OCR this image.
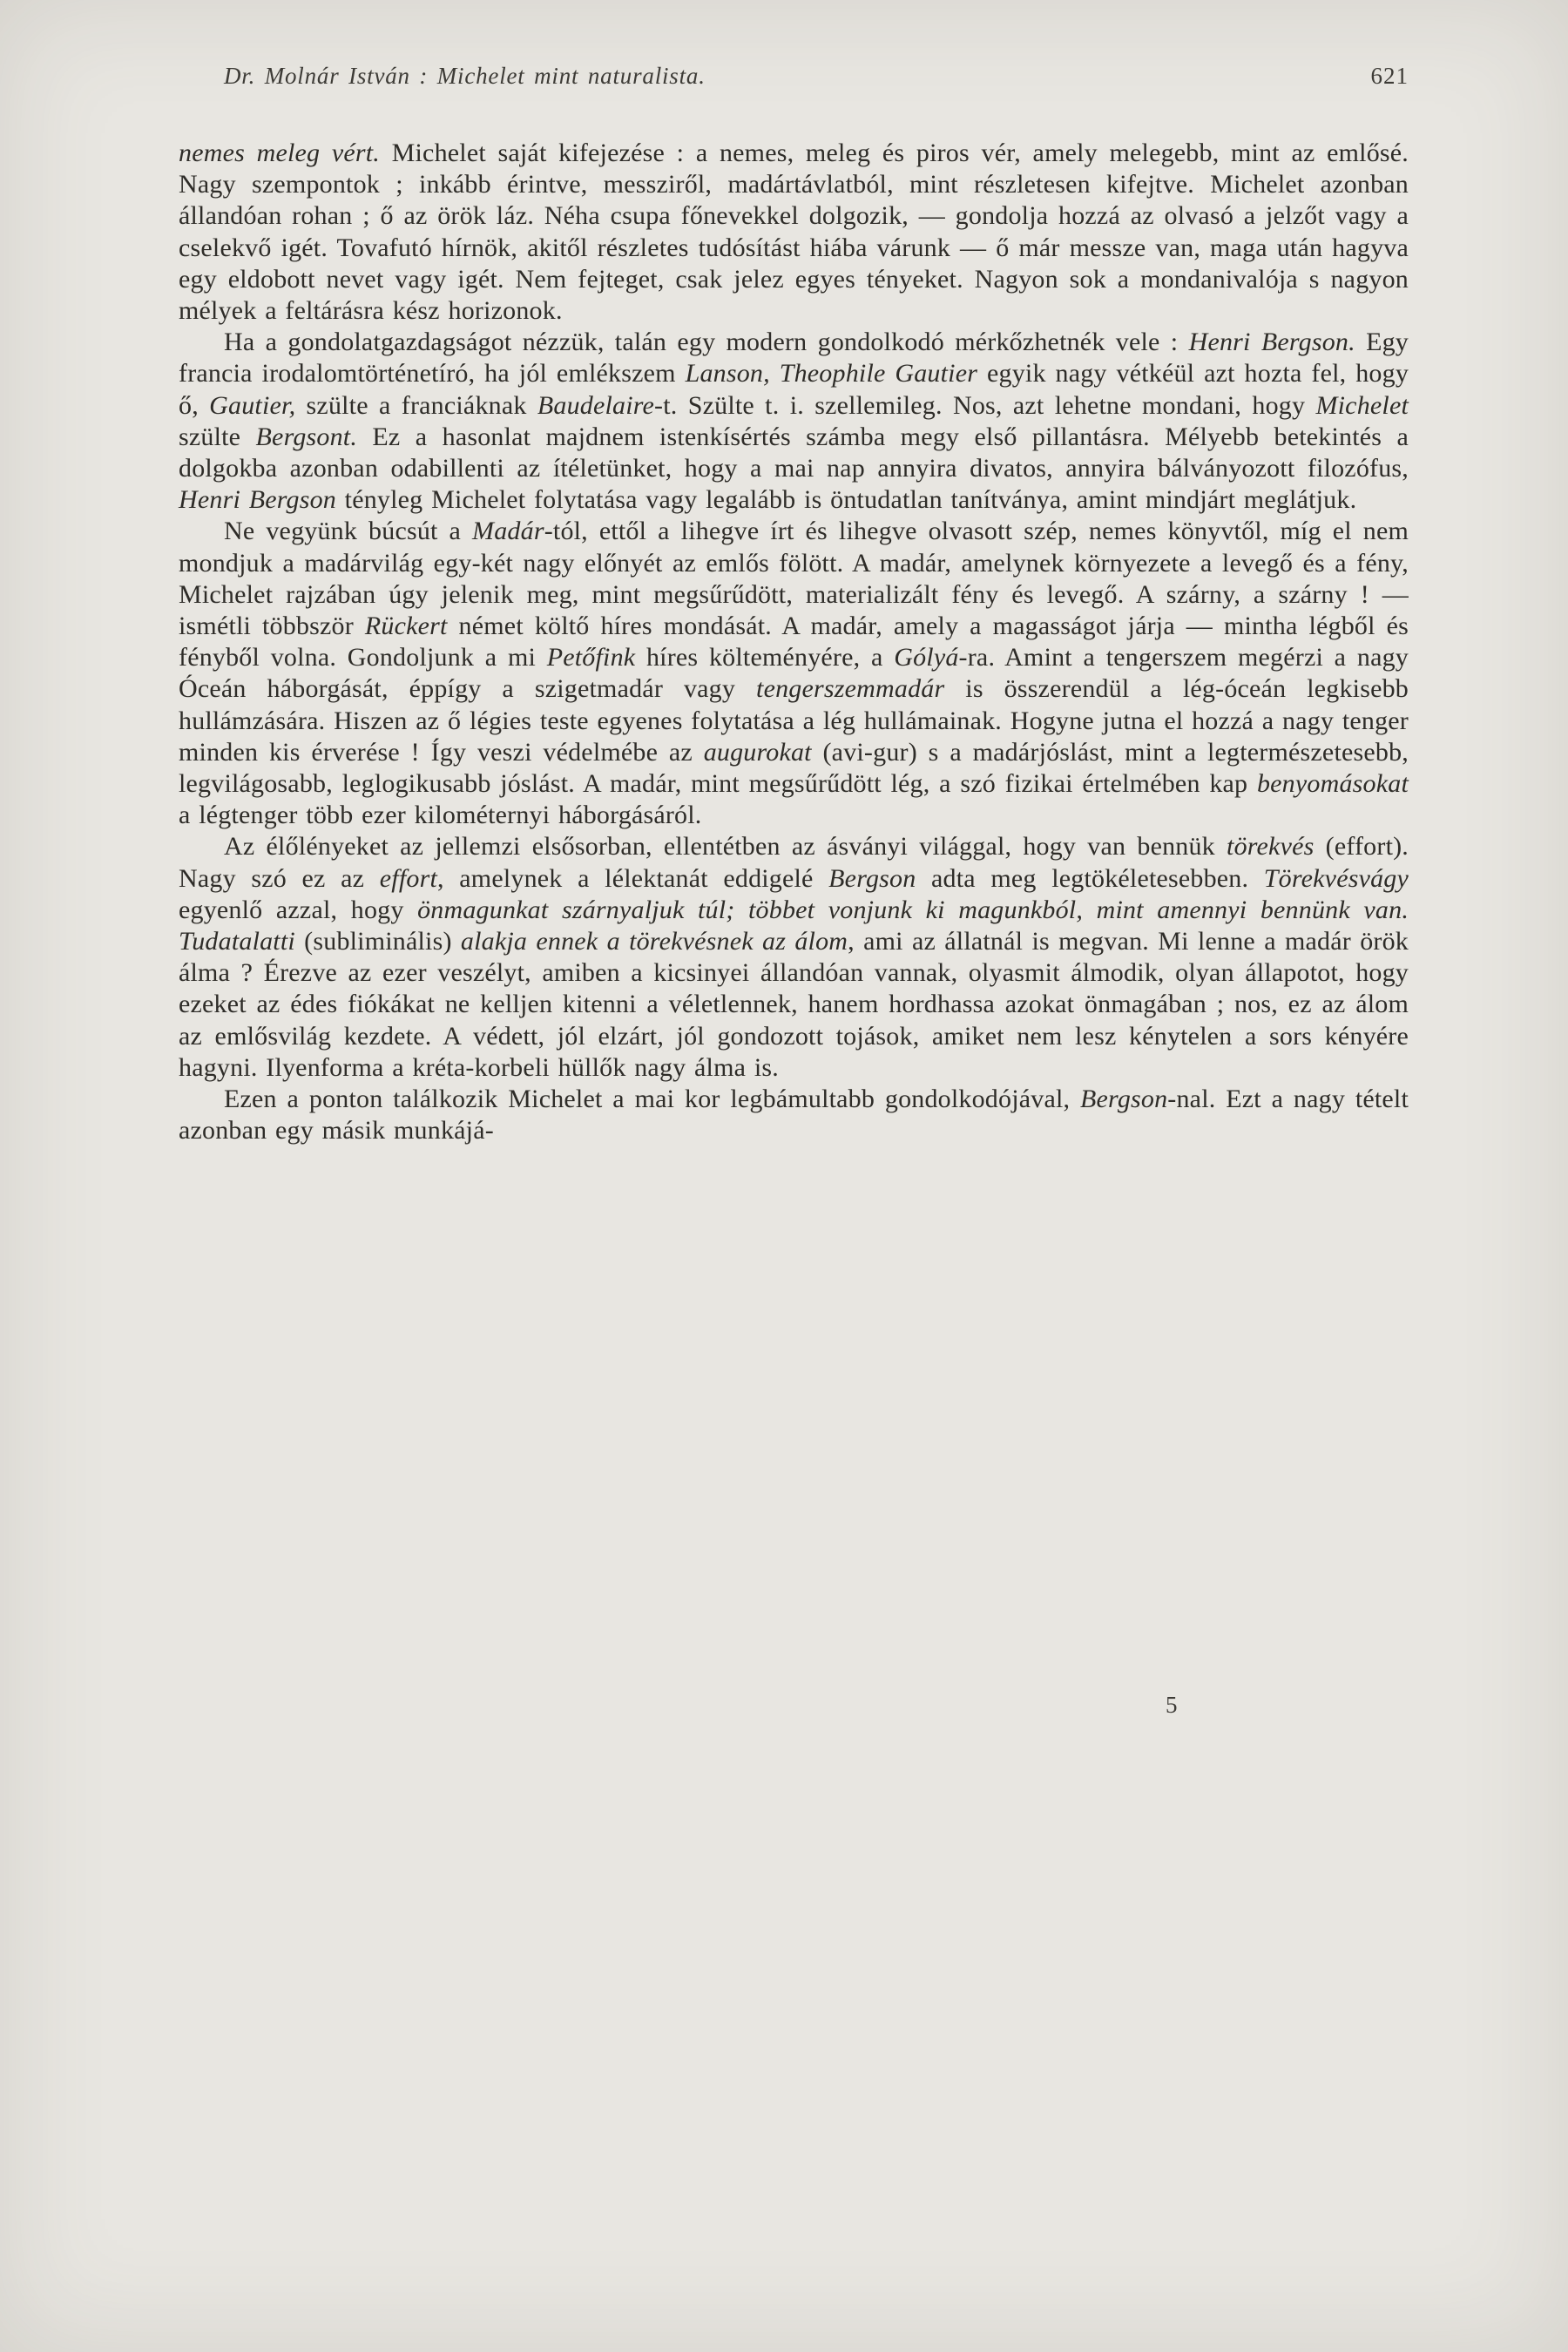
Dr. Molnár István : Michelet mint naturalista.	621

nemes meleg vért. Michelet saját kifejezése : a nemes, meleg és piros vér, amely melegebb, mint az emlősé. Nagy szempontok ; inkább érintve, messziről, madártávlatból, mint részletesen kifejtve. Michelet azonban állandóan rohan ; ő az örök láz. Néha csupa főnevekkel dolgozik, — gondolja hozzá az olvasó a jelzőt vagy a cselekvő igét. Tovafutó hírnök, akitől részletes tudósítást hiába várunk — ő már messze van, maga után hagyva egy eldobott nevet vagy igét. Nem fejteget, csak jelez egyes tényeket. Nagyon sok a mondanivalója s nagyon mélyek a feltárásra kész horizonok.

Ha a gondolatgazdagságot nézzük, talán egy modern gondolkodó mérkőzhetnék vele : Henri Bergson. Egy francia irodalomtörténetíró, ha jól emlékszem Lanson, Theophile Gautier egyik nagy vétkéül azt hozta fel, hogy ő, Gautier, szülte a franciáknak Baudelaire-t. Szülte t. i. szellemileg. Nos, azt lehetne mondani, hogy Michelet szülte Bergsont. Ez a hasonlat majdnem istenkísértés számba megy első pillantásra. Mélyebb betekintés a dolgokba azonban odabillenti az ítéletünket, hogy a mai nap annyira divatos, annyira bálványozott filozófus, Henri Bergson tényleg Michelet folytatása vagy legalább is öntudatlan tanítványa, amint mindjárt meglátjuk.

Ne vegyünk búcsút a Madár-tól, ettől a lihegve írt és lihegve olvasott szép, nemes könyvtől, míg el nem mondjuk a madárvilág egy-két nagy előnyét az emlős fölött. A madár, amelynek környezete a levegő és a fény, Michelet rajzában úgy jelenik meg, mint megsűrűdött, materializált fény és levegő. A szárny, a szárny ! — ismétli többször Rückert német költő híres mondását. A madár, amely a magasságot járja — mintha légből és fényből volna. Gondoljunk a mi Petőfink híres költeményére, a Gólyá-ra. Amint a tengerszem megérzi a nagy Óceán háborgását, éppígy a szigetmadár vagy tengerszemmadár is összerendül a lég-óceán legkisebb hullámzására. Hiszen az ő légies teste egyenes folytatása a lég hullámainak. Hogyne jutna el hozzá a nagy tenger minden kis érverése ! Így veszi védelmébe az augurokat (avi-gur) s a madárjóslást, mint a legtermészetesebb, legvilágosabb, leglogikusabb jóslást. A madár, mint megsűrűdött lég, a szó fizikai értelmében kap benyomásokat a légtenger több ezer kilométernyi háborgásáról.

Az élőlényeket az jellemzi elsősorban, ellentétben az ásványi világgal, hogy van bennük törekvés (effort). Nagy szó ez az effort, amelynek a lélektanát eddigelé Bergson adta meg legtökéletesebben. Törekvésvágy egyenlő azzal, hogy önmagunkat szárnyaljuk túl; többet vonjunk ki magunkból, mint amennyi bennünk van. Tudatalatti (subliminális) alakja ennek a törekvésnek az álom, ami az állatnál is megvan. Mi lenne a madár örök álma ? Érezve az ezer veszélyt, amiben a kicsinyei állandóan vannak, olyasmit álmodik, olyan állapotot, hogy ezeket az édes fiókákat ne kelljen kitenni a véletlennek, hanem hordhassa azokat önmagában ; nos, ez az álom az emlősvilág kezdete. A védett, jól elzárt, jól gondozott tojások, amiket nem lesz kénytelen a sors kényére hagyni. Ilyenforma a kréta-korbeli hüllők nagy álma is.

Ezen a ponton találkozik Michelet a mai kor legbámultabb gondolkodójával, Bergson-nal. Ezt a nagy tételt azonban egy másik munkájá-

5
